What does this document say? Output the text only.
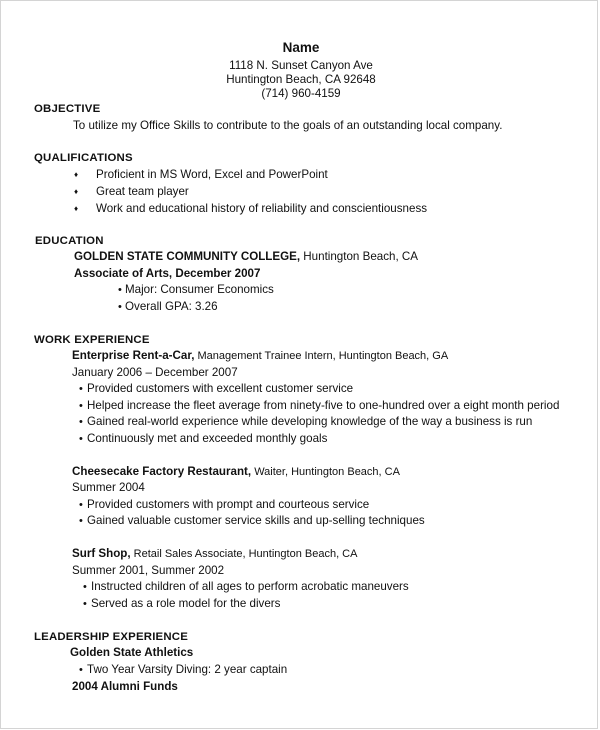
Name
1118 N. Sunset Canyon Ave
Huntington Beach, CA 92648
(714) 960-4159
OBJECTIVE
To utilize my Office Skills to contribute to the goals of an outstanding local company.
QUALIFICATIONS
♦ Proficient in MS Word, Excel and PowerPoint
♦ Great team player
♦ Work and educational history of reliability and conscientiousness
EDUCATION
GOLDEN STATE COMMUNITY COLLEGE, Huntington Beach, CA
Associate of Arts, December 2007
• Major: Consumer Economics
• Overall GPA: 3.26
WORK EXPERIENCE
Enterprise Rent-a-Car, Management Trainee Intern, Huntington Beach, GA
January 2006 – December 2007
• Provided customers with excellent customer service
• Helped increase the fleet average from ninety-five to one-hundred over a eight month period
• Gained real-world experience while developing knowledge of the way a business is run
• Continuously met and exceeded monthly goals
Cheesecake Factory Restaurant, Waiter, Huntington Beach, CA
Summer 2004
• Provided customers with prompt and courteous service
• Gained valuable customer service skills and up-selling techniques
Surf Shop, Retail Sales Associate, Huntington Beach, CA
Summer 2001, Summer 2002
• Instructed children of all ages to perform acrobatic maneuvers
• Served as a role model for the divers
LEADERSHIP EXPERIENCE
Golden State Athletics
• Two Year Varsity Diving: 2 year captain
2004 Alumni Funds
